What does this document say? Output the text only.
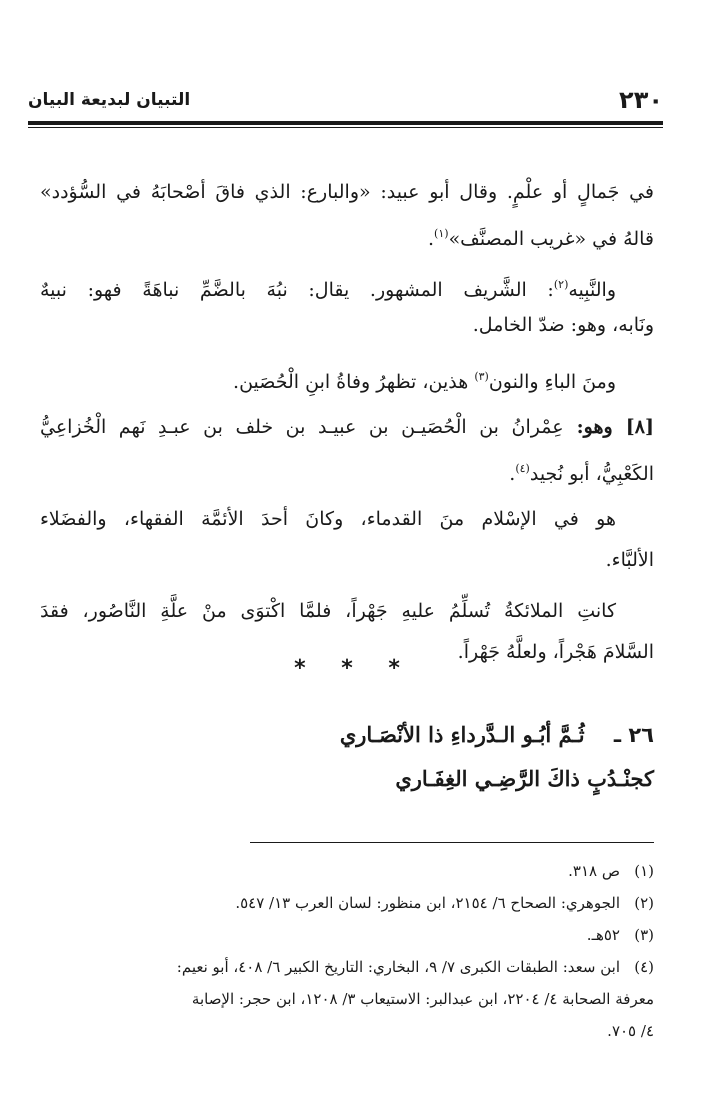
٢٣٠
التبيان لبديعة البيان
في جَمالٍ أو علْمٍ. وقال أبو عبيد: «والبارع: الذي فاقَ أصْحابَهُ في السُّؤدد»
قالهُ في «غريب المصنَّف»$^{(١)}$.
والنَّبِيه$^{(٢)}$: الشَّريف المشهور. يقال: نبُهَ بالضَّمِّ نباهَةً فهو: نبيهٌ
ونَابه، وهو: ضدّ الخامل.
ومنَ الباءِ والنون$^{(٣)}$ هذين، تظهرُ وفاةُ ابنِ الْحُصَين.
[٨] وهو: عِمْرانُ بن الْحُصَيـن بن عبيـد بن خلف بن عبـدِ نَهم الْخُزاعِيُّ
الكَعْبِيُّ، أبو نُجيد$^{(٤)}$.
هو في الإسْلام منَ القدماء، وكانَ أحدَ الأئمَّة الفقهاء، والفضَلاء
الألبَّاء.
كانتِ الملائكةُ تُسلِّمُ عليهِ جَهْراً، فلمَّا اكْتوَى منْ علَّةِ النَّاصُور، فقدَ
السَّلامَ هَجْراً، ولعلَّهُ جَهْراً.
* * *
٢٦ ـ ثُـمَّ أبُـو الـدَّرداءِ ذا الأنْصَـاري
كجنْـدُبٍ ذاكَ الرَّضِـي الغِفَـاري
(١)ص ٣١٨.
(٢)الجوهري: الصحاح ٦/ ٢١٥٤، ابن منظور: لسان العرب ١٣/ ٥٤٧.
(٣)٥٢هـ.
(٤)ابن سعد: الطبقات الكبرى ٧/ ٩، البخاري: التاريخ الكبير ٦/ ٤٠٨، أبو نعيم:
معرفة الصحابة ٤/ ٢٢٠٤، ابن عبدالبر: الاستيعاب ٣/ ١٢٠٨، ابن حجر: الإصابة
٤/ ٧٠٥.
